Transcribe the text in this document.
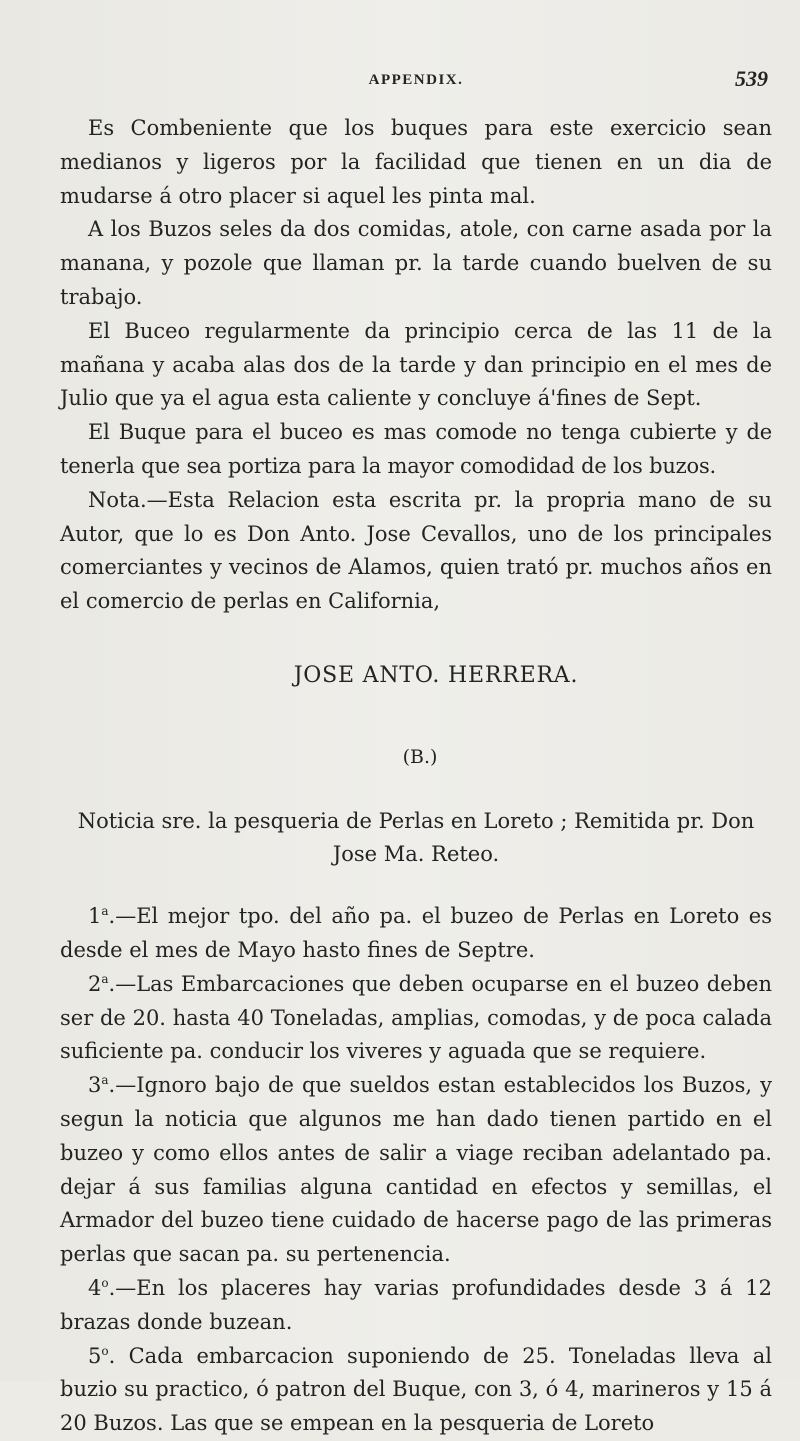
APPENDIX.	539

Es Combeniente que los buques para este exercicio sean medianos y ligeros por la facilidad que tienen en un dia de mudarse á otro placer si aquel les pinta mal.

A los Buzos seles da dos comidas, atole, con carne asada por la manana, y pozole que llaman pr. la tarde cuando buelven de su trabajo.

El Buceo regularmente da principio cerca de las 11 de la mañana y acaba alas dos de la tarde y dan principio en el mes de Julio que ya el agua esta caliente y concluye á'fines de Sept.

El Buque para el buceo es mas comode no tenga cubierte y de tenerla que sea portiza para la mayor comodidad de los buzos.

Nota.—Esta Relacion esta escrita pr. la propria mano de su Autor, que lo es Don Anto. Jose Cevallos, uno de los principales comerciantes y vecinos de Alamos, quien trató pr. muchos años en el comercio de perlas en California,

JOSE ANTO. HERRERA.

(B.)

Noticia sre. la pesqueria de Perlas en Loreto ; Remitida pr. Don Jose Ma. Reteo.

1$^a$.—El mejor tpo. del año pa. el buzeo de Perlas en Loreto es desde el mes de Mayo hasto fines de Septre.

2$^a$.—Las Embarcaciones que deben ocuparse en el buzeo deben ser de 20. hasta 40 Toneladas, amplias, comodas, y de poca calada suficiente pa. conducir los viveres y aguada que se requiere.

3$^a$.—Ignoro bajo de que sueldos estan establecidos los Buzos, y segun la noticia que algunos me han dado tienen partido en el buzeo y como ellos antes de salir a viage reciban adelantado pa. dejar á sus familias alguna cantidad en efectos y semillas, el Armador del buzeo tiene cuidado de hacerse pago de las primeras perlas que sacan pa. su pertenencia.

4$^o$.—En los placeres hay varias profundidades desde 3 á 12 brazas donde buzean.

5$^o$. Cada embarcacion suponiendo de 25. Toneladas lleva al buzio su practico, ó patron del Buque, con 3, ó 4, marineros y 15 á 20 Buzos. Las que se empean en la pesqueria de Loreto
